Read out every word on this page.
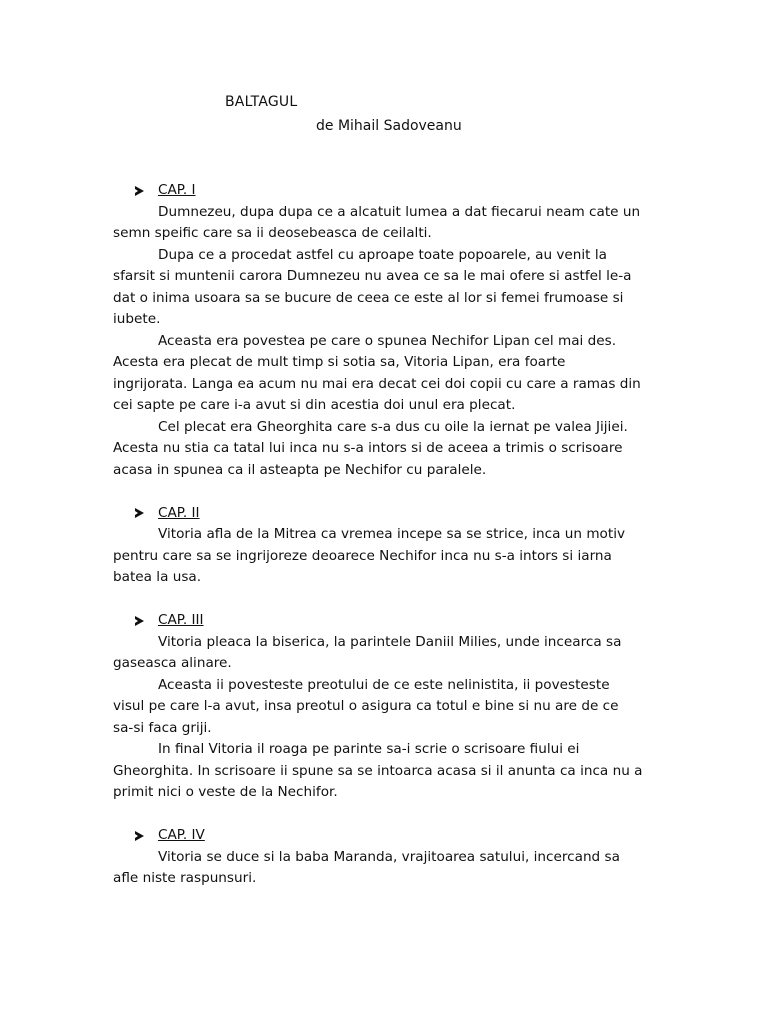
BALTAGUL
de Mihail Sadoveanu
CAP. I

Dumnezeu, dupa dupa ce a alcatuit lumea a dat fiecarui neam cate un semn speific care sa ii deosebeasca de ceilalti.

Dupa ce a procedat astfel cu aproape toate popoarele, au venit la sfarsit si muntenii carora Dumnezeu nu avea ce sa le mai ofere si astfel le-a dat o inima usoara sa se bucure de ceea ce este al lor si femei frumoase si iubete.

Aceasta era povestea pe care o spunea Nechifor Lipan cel mai des. Acesta era plecat de mult timp si sotia sa, Vitoria Lipan, era foarte ingrijorata. Langa ea acum nu mai era decat cei doi copii cu care a ramas din cei sapte pe care i-a avut si din acestia doi unul era plecat.

Cel plecat era Gheorghita care s-a dus cu oile la iernat pe valea Jijiei. Acesta nu stia ca tatal lui inca nu s-a intors si de aceea a trimis o scrisoare acasa in spunea ca il asteapta pe Nechifor cu paralele.

CAP. II

Vitoria afla de la Mitrea ca vremea incepe sa se strice, inca un motiv pentru care sa se ingrijoreze deoarece Nechifor inca nu s-a intors si iarna batea la usa.

CAP. III

Vitoria pleaca la biserica, la parintele Daniil Milies, unde incearca sa gaseasca alinare.

Aceasta ii povesteste preotului de ce este nelinistita, ii povesteste visul pe care l-a avut, insa preotul o asigura ca totul e bine si nu are de ce sa-si faca griji.

In final Vitoria il roaga pe parinte sa-i scrie o scrisoare fiului ei Gheorghita. In scrisoare ii spune sa se intoarca acasa si il anunta ca inca nu a primit nici o veste de la Nechifor.

CAP. IV

Vitoria se duce si la baba Maranda, vrajitoarea satului, incercand sa afle niste raspunsuri.
